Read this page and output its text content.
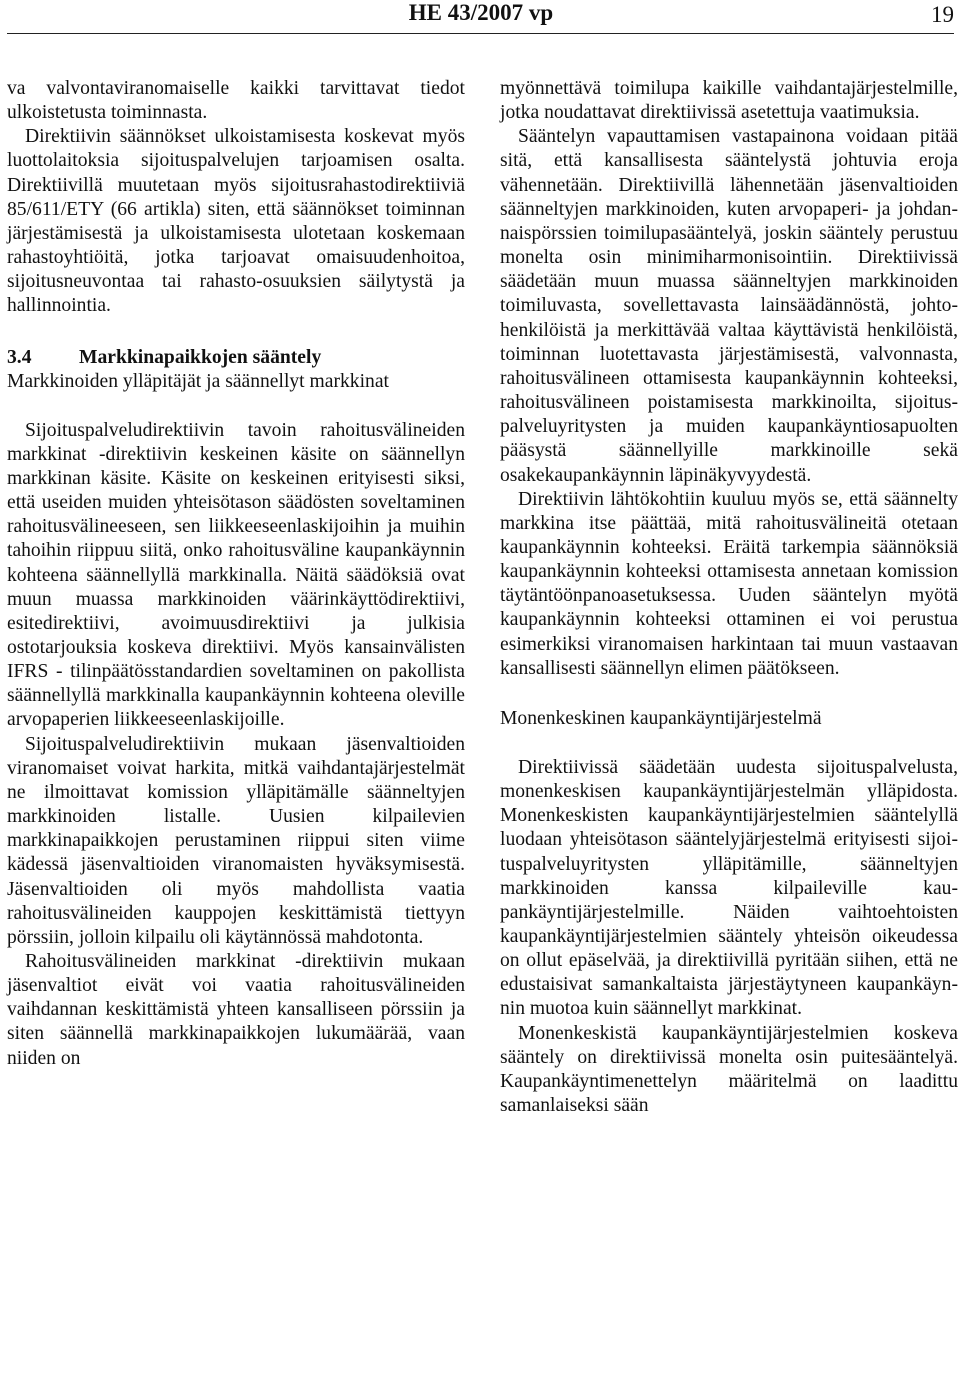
HE 43/2007 vp	19

va valvontaviranomaiselle kaikki tarvittavat tiedot ulkoistetusta toiminnasta.

Direktiivin säännökset ulkoistamisesta koskevat myös luottolaitoksia sijoituspalvelujen tarjoamisen osalta. Direktiivillä muutetaan myös sijoitusrahastodirektiiviä 85/611/ETY (66 artikla) siten, että säännökset toiminnan järjestämisestä ja ulkoistamisesta ulotetaan koskemaan rahastoyhtiöitä, jotka tarjoavat omaisuudenhoitoa, sijoitusneuvontaa tai rahasto-osuuksien säilytystä ja hallinnointia.

3.4 Markkinapaikkojen sääntely

Markkinoiden ylläpitäjät ja säännellyt markkinat

Sijoituspalveludirektiivin tavoin rahoitusvälineiden markkinat -direktiivin keskeinen käsite on säännellyn markkinan käsite. Käsite on keskeinen erityisesti siksi, että useiden muiden yhteisötason säädösten soveltaminen rahoitusvälineeseen, sen liikkeeseenlaskijoihin ja muihin tahoihin riippuu siitä, onko rahoitusväline kaupankäynnin kohteena säännellyllä markkinalla. Näitä säädöksiä ovat muun muassa markkinoiden väärinkäyttödirektiivi, esitedirektiivi, avoimuusdirektiivi ja julkisia ostotarjouksia koskeva direktiivi. Myös kansainvälisten IFRS - tilinpäätösstandardien soveltaminen on pakollista säännellyllä markkinalla kaupankäynnin kohteena oleville arvopaperien liikkeeseenlaskijoille.

Sijoituspalveludirektiivin mukaan jäsenvaltioiden viranomaiset voivat harkita, mitkä vaihdantajärjestelmät ne ilmoittavat komission ylläpitämälle säänneltyjen markkinoiden listalle. Uusien kilpailevien markkinapaikkojen perustaminen riippui siten viime kädessä jäsenvaltioiden viranomaisten hyväksymisestä. Jäsenvaltioiden oli myös mahdollista vaatia rahoitusvälineiden kauppojen keskittämistä tiettyyn pörssiin, jolloin kilpailu oli käytännössä mahdotonta.

Rahoitusvälineiden markkinat -direktiivin mukaan jäsenvaltiot eivät voi vaatia rahoitusvälineiden vaihdannan keskittämistä yhteen kansalliseen pörssiin ja siten säännellä markkinapaikkojen lukumäärää, vaan niiden on

myönnettävä toimilupa kaikille vaihdantajärjestelmille, jotka noudattavat direktiivissä asetettuja vaatimuksia.

Sääntelyn vapauttamisen vastapainona voidaan pitää sitä, että kansallisesta sääntelystä johtuvia eroja vähennetään. Direktiivillä lähennetään jäsenvaltioiden säänneltyjen markkinoiden, kuten arvopaperi- ja johdannaispörssien toimilupasääntelyä, joskin sääntely perustuu monelta osin minimiharmonisointiin. Direktiivissä säädetään muun muassa säänneltyjen markkinoiden toimiluvasta, sovellettavasta lainsäädännöstä, johtohenkilöistä ja merkittävää valtaa käyttävistä henkilöistä, toiminnan luotettavasta järjestämisestä, valvonnasta, rahoitusvälineen ottamisesta kaupankäynnin kohteeksi, rahoitusvälineen poistamisesta markkinoilta, sijoituspalveluyritysten ja muiden kaupankäyntiosapuolten pääsystä säännellyille markkinoille sekä osakekaupankäynnin läpinäkyvyydestä.

Direktiivin lähtökohtiin kuuluu myös se, että säännelty markkina itse päättää, mitä rahoitusvälineitä otetaan kaupankäynnin kohteeksi. Eräitä tarkempia säännöksiä kaupankäynnin kohteeksi ottamisesta annetaan komission täytäntöönpanoasetuksessa. Uuden sääntelyn myötä kaupankäynnin kohteeksi ottaminen ei voi perustua esimerkiksi viranomaisen harkintaan tai muun vastaavan kansallisesti säännellyn elimen päätökseen.

Monenkeskinen kaupankäyntijärjestelmä

Direktiivissä säädetään uudesta sijoituspalvelusta, monenkeskisen kaupankäyntijärjestelmän ylläpidosta. Monenkeskisten kaupankäyntijärjestelmien sääntelyllä luodaan yhteisötason sääntelyjärjestelmä erityisesti sijoituspalveluyritysten ylläpitämille, säänneltyjen markkinoiden kanssa kilpaileville kaupankäyntijärjestelmille. Näiden vaihtoehtoisten kaupankäyntijärjestelmien sääntely yhteisön oikeudessa on ollut epäselvää, ja direktiivillä pyritään siihen, että ne edustaisivat samankaltaista järjestäytyneen kaupankäynnin muotoa kuin säännellyt markkinat.

Monenkeskistä kaupankäyntijärjestelmien koskeva sääntely on direktiivissä monelta osin puitesääntelyä. Kaupankäyntimenettelyn määritelmä on laadittu samanlaiseksi sään
